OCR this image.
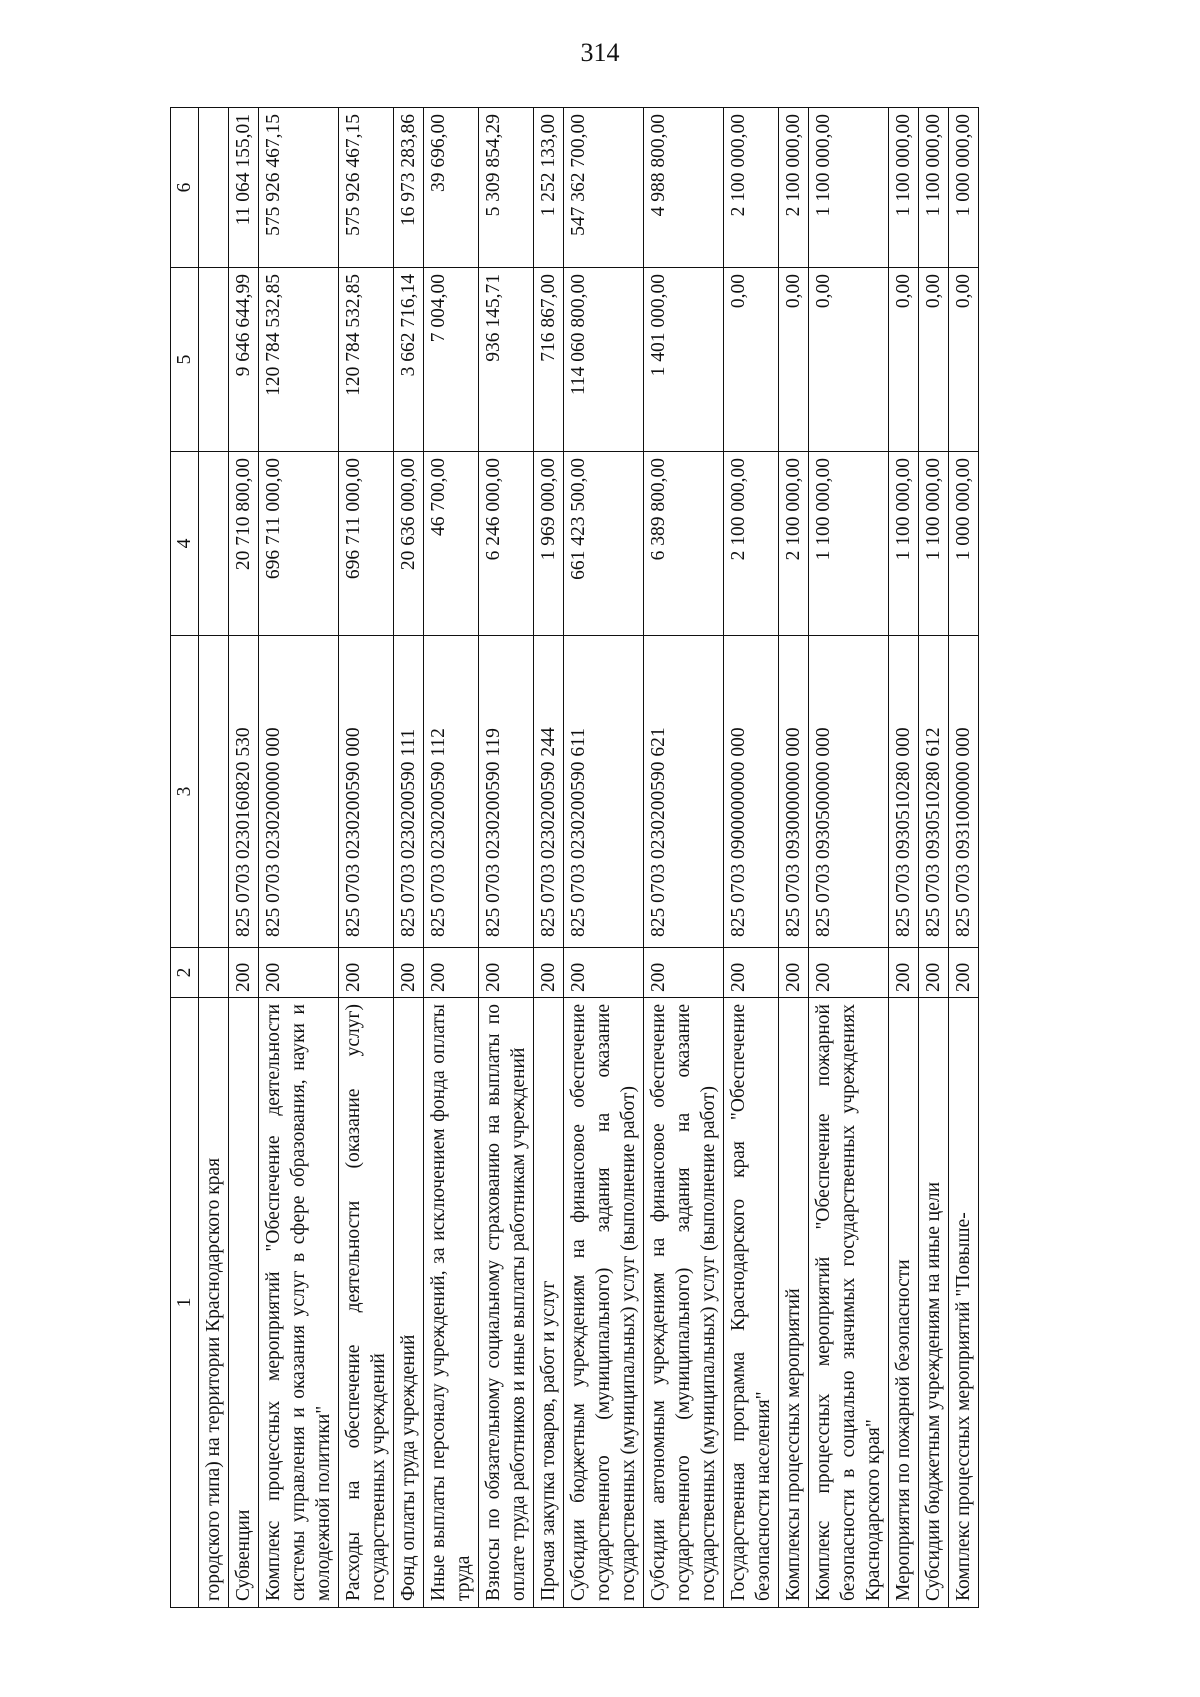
314
1	2	3	4	5	6
городского типа) на территории Краснодарского края					
Субвенции	200	825 0703 0230160820 530	20 710 800,00	9 646 644,99	11 064 155,01
Комплекс процессных мероприятий "Обеспечение деятельности системы управления и оказания услуг в сфере образования, науки и молодежной политики"	200	825 0703 0230200000 000	696 711 000,00	120 784 532,85	575 926 467,15
Расходы на обеспечение деятельности (оказание услуг) государственных учреждений	200	825 0703 0230200590 000	696 711 000,00	120 784 532,85	575 926 467,15
Фонд оплаты труда учреждений	200	825 0703 0230200590 111	20 636 000,00	3 662 716,14	16 973 283,86
Иные выплаты персоналу учреждений, за исключением фонда оплаты труда	200	825 0703 0230200590 112	46 700,00	7 004,00	39 696,00
Взносы по обязательному социальному страхованию на выплаты по оплате труда работников и иные выплаты работникам учреждений	200	825 0703 0230200590 119	6 246 000,00	936 145,71	5 309 854,29
Прочая закупка товаров, работ и услуг	200	825 0703 0230200590 244	1 969 000,00	716 867,00	1 252 133,00
Субсидии бюджетным учреждениям на финансовое обеспечение государственного (муниципального) задания на оказание государственных (муниципальных) услуг (выполнение работ)	200	825 0703 0230200590 611	661 423 500,00	114 060 800,00	547 362 700,00
Субсидии автономным учреждениям на финансовое обеспечение государственного (муниципального) задания на оказание государственных (муниципальных) услуг (выполнение работ)	200	825 0703 0230200590 621	6 389 800,00	1 401 000,00	4 988 800,00
Государственная программа Краснодарского края "Обеспечение безопасности населения"	200	825 0703 0900000000 000	2 100 000,00	0,00	2 100 000,00
Комплексы процессных мероприятий	200	825 0703 0930000000 000	2 100 000,00	0,00	2 100 000,00
Комплекс процессных мероприятий "Обеспечение пожарной безопасности в социально значимых государственных учреждениях Краснодарского края"	200	825 0703 0930500000 000	1 100 000,00	0,00	1 100 000,00
Мероприятия по пожарной безопасности	200	825 0703 0930510280 000	1 100 000,00	0,00	1 100 000,00
Субсидии бюджетным учреждениям на иные цели	200	825 0703 0930510280 612	1 100 000,00	0,00	1 100 000,00
Комплекс процессных мероприятий "Повыше-	200	825 0703 0931000000 000	1 000 000,00	0,00	1 000 000,00
